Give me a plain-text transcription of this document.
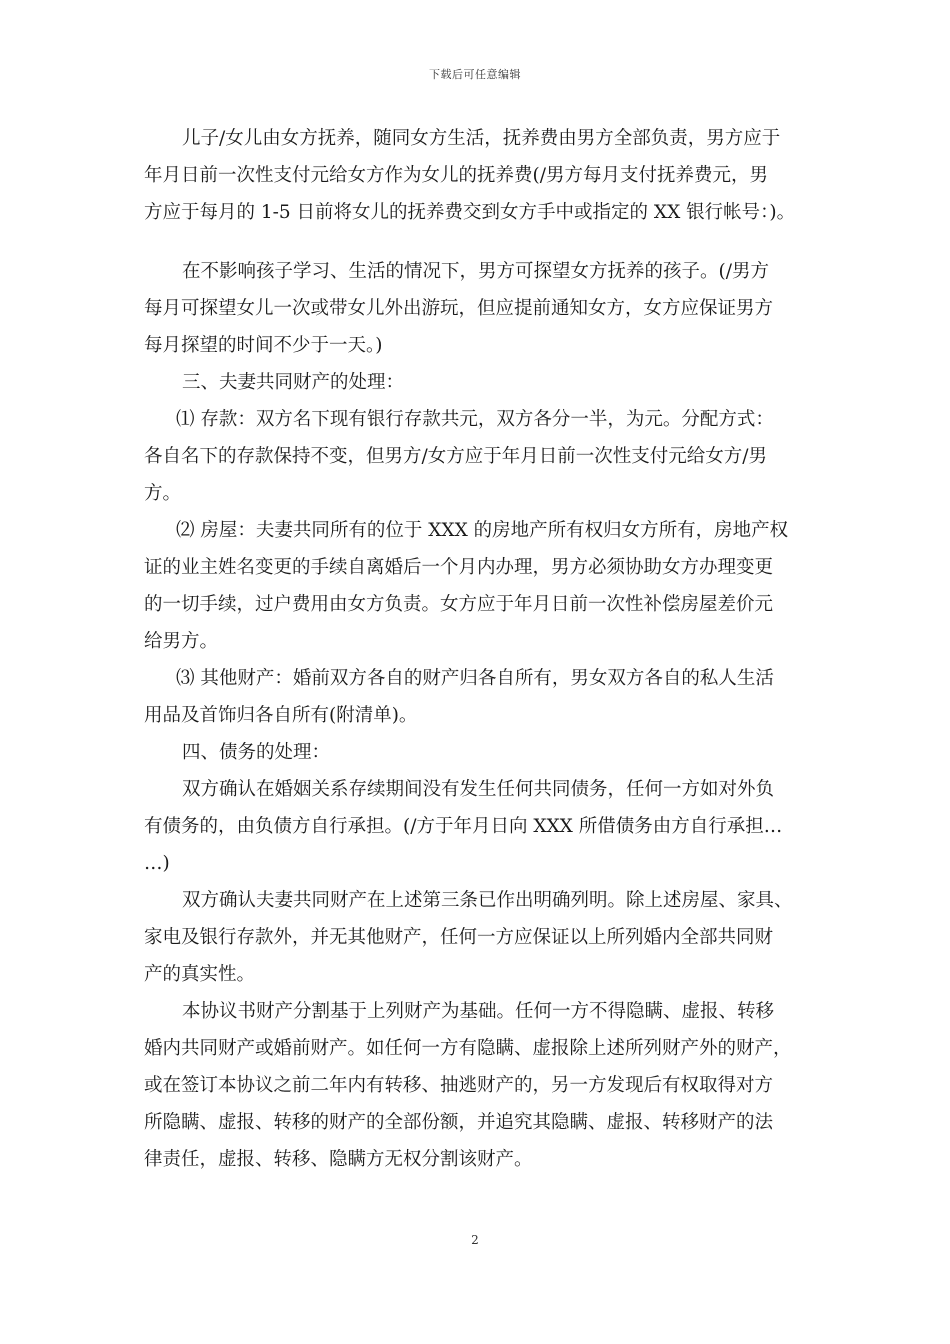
下载后可任意编辑
儿子/女儿由女方抚养，随同女方生活，抚养费由男方全部负责，男方应于
年月日前一次性支付元给女方作为女儿的抚养费(/男方每月支付抚养费元，男
方应于每月的 1-5 日前将女儿的抚养费交到女方手中或指定的 XX 银行帐号：)。
在不影响孩子学习、生活的情况下，男方可探望女方抚养的孩子。(/男方
每月可探望女儿一次或带女儿外出游玩，但应提前通知女方，女方应保证男方
每月探望的时间不少于一天。)
三、夫妻共同财产的处理：
⑴ 存款：双方名下现有银行存款共元，双方各分一半，为元。分配方式：
各自名下的存款保持不变，但男方/女方应于年月日前一次性支付元给女方/男
方。
⑵ 房屋：夫妻共同所有的位于 XXX 的房地产所有权归女方所有，房地产权
证的业主姓名变更的手续自离婚后一个月内办理，男方必须协助女方办理变更
的一切手续，过户费用由女方负责。女方应于年月日前一次性补偿房屋差价元
给男方。
⑶ 其他财产：婚前双方各自的财产归各自所有，男女双方各自的私人生活
用品及首饰归各自所有(附清单)。
四、债务的处理：
双方确认在婚姻关系存续期间没有发生任何共同债务，任何一方如对外负
有债务的，由负债方自行承担。(/方于年月日向 XXX 所借债务由方自行承担…
…)
双方确认夫妻共同财产在上述第三条已作出明确列明。除上述房屋、家具、
家电及银行存款外，并无其他财产，任何一方应保证以上所列婚内全部共同财
产的真实性。
本协议书财产分割基于上列财产为基础。任何一方不得隐瞒、虚报、转移
婚内共同财产或婚前财产。如任何一方有隐瞒、虚报除上述所列财产外的财产，
或在签订本协议之前二年内有转移、抽逃财产的，另一方发现后有权取得对方
所隐瞒、虚报、转移的财产的全部份额，并追究其隐瞒、虚报、转移财产的法
律责任，虚报、转移、隐瞒方无权分割该财产。
2
